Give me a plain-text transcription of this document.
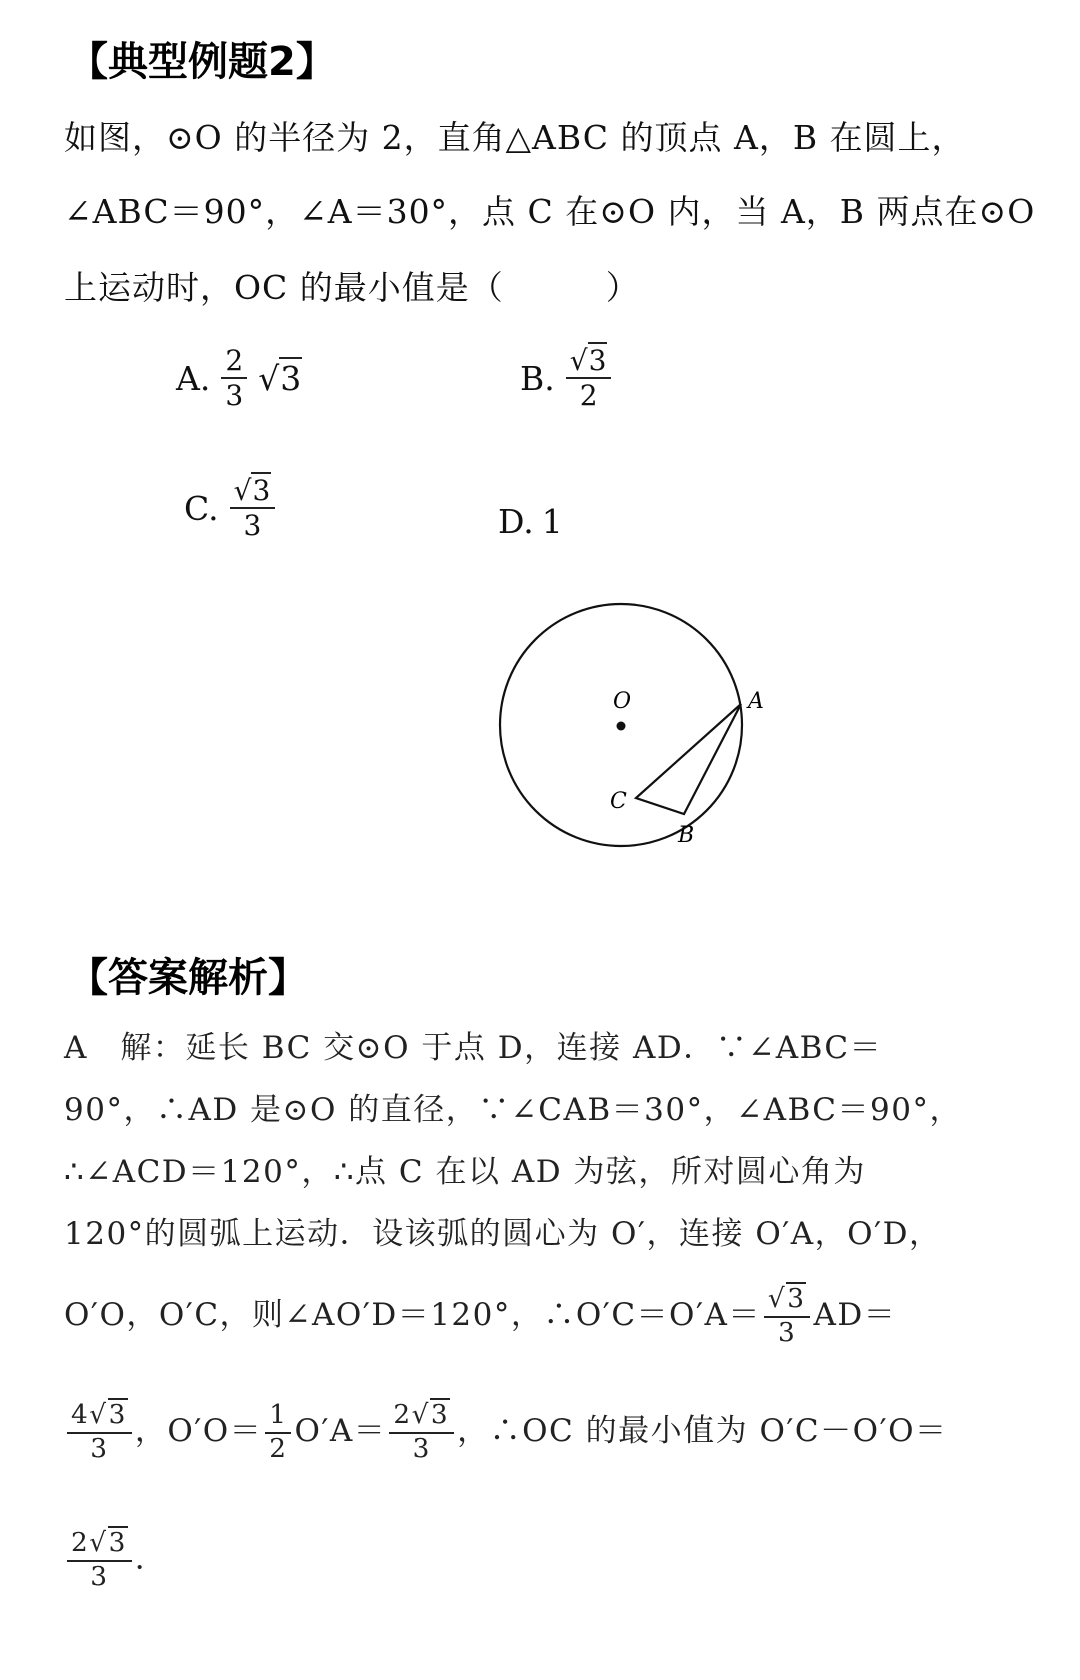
【典型例题2】
如图，⊙O 的半径为 2，直角△ABC 的顶点 A，B 在圆上，
∠ABC＝90°，∠A＝30°，点 C 在⊙O 内，当 A，B 两点在⊙O
上运动时，OC 的最小值是（　　　）
A. $\frac{2}{3} √3$	B. $\frac{√3}{2}$
C. $\frac{√3}{3}$	D. 1
O	A
C
B
【答案解析】
A　解：延长 BC 交⊙O 于点 D，连接 AD．∵∠ABC＝
90°，∴AD 是⊙O 的直径，∵∠CAB＝30°，∠ABC＝90°，
∴∠ACD＝120°，∴点 C 在以 AD 为弦，所对圆心角为
120°的圆弧上运动．设该弧的圆心为 O′，连接 O′A，O′D，
O′O，O′C，则∠AO′D＝120°，∴O′C＝O′A＝ $\frac{√3}{3} AD=$
$\frac{4√3}{3}$ ，$O'O= \frac{1}{2} O'A= \frac{2√3}{3}$ ，∴OC 的最小值为 O′C－O′O＝
$\frac{2√3}{3}$ ．
